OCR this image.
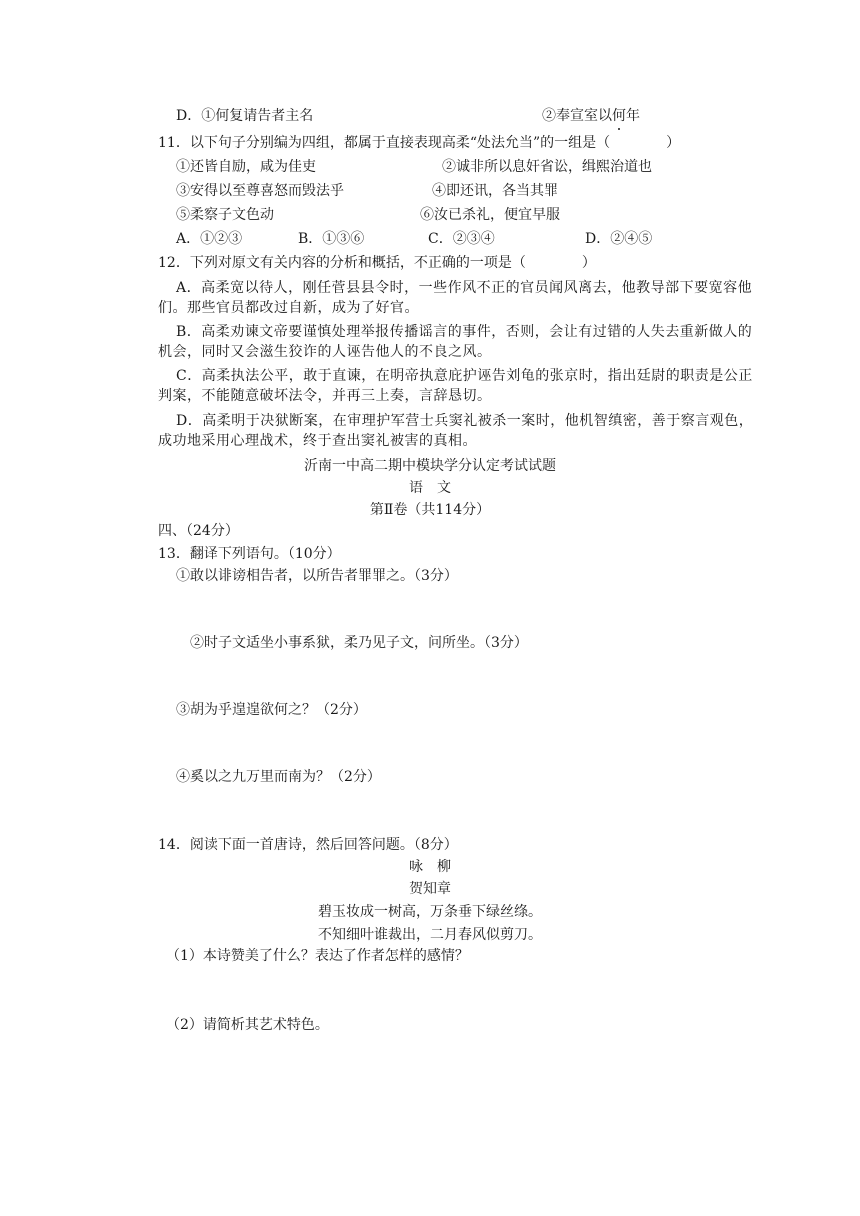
D．①何复请告者主名	②奉宣室以何年
11．以下句子分别编为四组，都属于直接表现高柔“处法允当”的一组是（　　　　）
①还皆自励，咸为佳吏	②诚非所以息奸省讼，缉熙治道也
③安得以至尊喜怒而毁法乎	④即还讯，各当其罪
⑤柔察子文色动	⑥汝已杀礼，便宜早服
A．①②③	B．①③⑥	C．②③④	D．②④⑤
12．下列对原文有关内容的分析和概括，不正确的一项是（　　　　）
A．高柔宽以待人，刚任菅县县令时，一些作风不正的官员闻风离去，他教导部下要宽容他们。那些官员都改过自新，成为了好官。
B．高柔劝谏文帝要谨慎处理举报传播谣言的事件，否则，会让有过错的人失去重新做人的机会，同时又会滋生狡诈的人诬告他人的不良之风。
C．高柔执法公平，敢于直谏，在明帝执意庇护诬告刘龟的张京时，指出廷尉的职责是公正判案，不能随意破坏法令，并再三上奏，言辞恳切。
D．高柔明于决狱断案，在审理护军营士兵窦礼被杀一案时，他机智缜密，善于察言观色，成功地采用心理战术，终于查出窦礼被害的真相。
沂南一中高二期中模块学分认定考试试题
语　文
第Ⅱ卷（共114分）
四、（24分）
13．翻译下列语句。（10分）
①敢以诽谤相告者，以所告者罪罪之。（3分）
②时子文适坐小事系狱，柔乃见子文，问所坐。（3分）
③胡为乎遑遑欲何之？（2分）
④奚以之九万里而南为？（2分）
14．阅读下面一首唐诗，然后回答问题。（8分）
咏　柳
贺知章
碧玉妆成一树高，万条垂下绿丝绦。
不知细叶谁裁出，二月春风似剪刀。
（1）本诗赞美了什么？表达了作者怎样的感情？
（2）请简析其艺术特色。
